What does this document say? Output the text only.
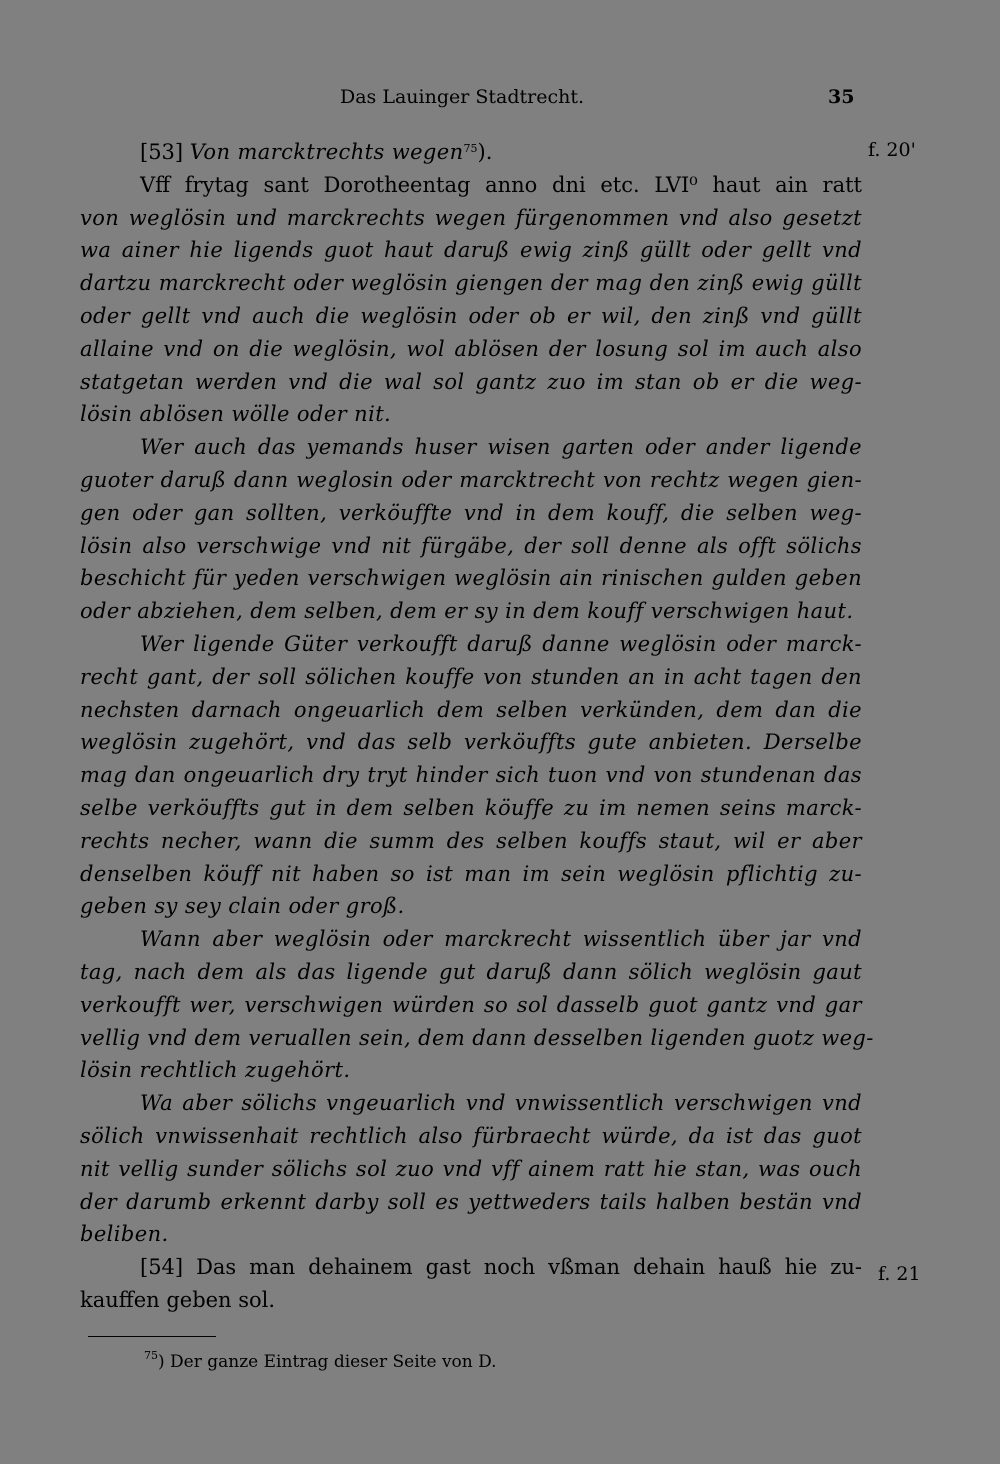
Das Lauinger Stadtrecht.	35
f. 20'
f. 21
[53] Von marcktrechts wegen$^{75}$).
Vff frytag sant Dorotheentag anno dni etc. LVI⁰ haut ain ratt
von weglösin und marckrechts wegen fürgenommen vnd also gesetzt
wa ainer hie ligends guot haut daruß ewig zinß güllt oder gellt vnd
dartzu marckrecht oder weglösin giengen der mag den zinß ewig güllt
oder gellt vnd auch die weglösin oder ob er wil, den zinß vnd güllt
allaine vnd on die weglösin, wol ablösen der losung sol im auch also
statgetan werden vnd die wal sol gantz zuo im stan ob er die weg-
lösin ablösen wölle oder nit.
Wer auch das yemands huser wisen garten oder ander ligende
guoter daruß dann weglosin oder marcktrecht von rechtz wegen gien-
gen oder gan sollten, verköuffte vnd in dem kouff, die selben weg-
lösin also verschwige vnd nit fürgäbe, der soll denne als offt sölichs
beschicht für yeden verschwigen weglösin ain rinischen gulden geben
oder abziehen, dem selben, dem er sy in dem kouff verschwigen haut.
Wer ligende Güter verkoufft daruß danne weglösin oder marck-
recht gant, der soll sölichen kouffe von stunden an in acht tagen den
nechsten darnach ongeuarlich dem selben verkünden, dem dan die
weglösin zugehört, vnd das selb verköuffts gute anbieten. Derselbe
mag dan ongeuarlich dry tryt hinder sich tuon vnd von stundenan das
selbe verköuffts gut in dem selben köuffe zu im nemen seins marck-
rechts necher, wann die summ des selben kouffs staut, wil er aber
denselben köuff nit haben so ist man im sein weglösin pflichtig zu-
geben sy sey clain oder groß.
Wann aber weglösin oder marckrecht wissentlich über jar vnd
tag, nach dem als das ligende gut daruß dann sölich weglösin gaut
verkoufft wer, verschwigen würden so sol dasselb guot gantz vnd gar
vellig vnd dem veruallen sein, dem dann desselben ligenden guotz weg-
lösin rechtlich zugehört.
Wa aber sölichs vngeuarlich vnd vnwissentlich verschwigen vnd
sölich vnwissenhait rechtlich also fürbraecht würde, da ist das guot
nit vellig sunder sölichs sol zuo vnd vff ainem ratt hie stan, was ouch
der darumb erkennt darby soll es yettweders tails halben bestän vnd
beliben.
[54] Das man dehainem gast noch vßman dehain hauß hie zu-
kauffen geben sol.
$^{75}$) Der ganze Eintrag dieser Seite von D.
